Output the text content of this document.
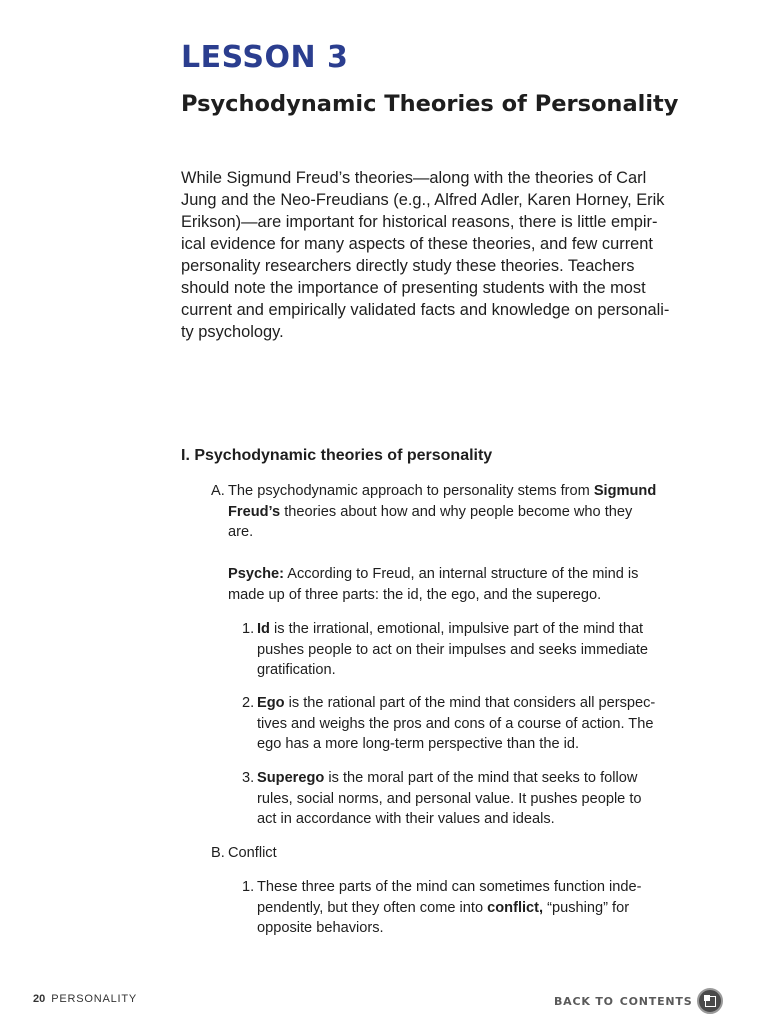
LESSON 3
Psychodynamic Theories of Personality

While Sigmund Freud’s theories—along with the theories of Carl
Jung and the Neo-Freudians (e.g., Alfred Adler, Karen Horney, Erik
Erikson)—are important for historical reasons, there is little empir-
ical evidence for many aspects of these theories, and few current
personality researchers directly study these theories. Teachers
should note the importance of presenting students with the most
current and empirically validated facts and knowledge on personali-
ty psychology.

I. Psychodynamic theories of personality
A. The psychodynamic approach to personality stems from Sigmund
Freud’s theories about how and why people become who they
are.
Psyche: According to Freud, an internal structure of the mind is
made up of three parts: the id, the ego, and the superego.
1. Id is the irrational, emotional, impulsive part of the mind that
pushes people to act on their impulses and seeks immediate
gratification.
2. Ego is the rational part of the mind that considers all perspec-
tives and weighs the pros and cons of a course of action. The
ego has a more long-term perspective than the id.
3. Superego is the moral part of the mind that seeks to follow
rules, social norms, and personal value. It pushes people to
act in accordance with their values and ideals.
B. Conflict
1. These three parts of the mind can sometimes function inde-
pendently, but they often come into conflict, “pushing” for
opposite behaviors.
20 PERSONALITY	BACK TO CONTENTS
